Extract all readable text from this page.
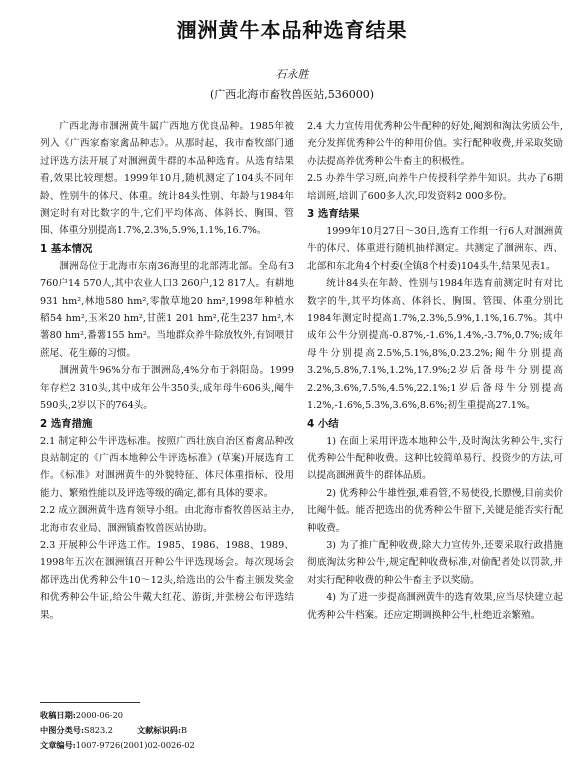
涠洲黄牛本品种选育结果
石永胜
(广西北海市畜牧兽医站,536000)

广西北海市涠洲黄牛属广西地方优良品种。1985年被列入《广西家畜家禽品种志》。从那时起，我市畜牧部门通过评选方法开展了对涠洲黄牛群的本品种选育。从选育结果看,效果比较理想。1999年10月,随机测定了104头不同年龄、性别牛的体尺、体重。统计84头性别、年龄与1984年测定时有对比数字的牛,它们平均体高、体斜长、胸围、管围、体重分别提高1.7%,2.3%,5.9%,1.1%,16.7%。

1 基本情况

涠洲岛位于北海市东南36海里的北部湾北部。全岛有3 760户14 570人,其中农业人口3 260户,12 817人。有耕地931 hm²,林地580 hm²,零散草地20 hm²,1998年种植水稻54 hm²,玉米20 hm²,甘蔗1 201 hm²,花生237 hm²,木薯80 hm²,番薯155 hm²。当地群众养牛除放牧外,有饲喂甘蔗尾、花生藤的习惯。

涠洲黄牛96%分布于涠洲岛,4%分布于斜阳岛。1999年存栏2 310头,其中成年公牛350头,成年母牛606头,阉牛590头,2岁以下的764头。

2 选育措施

2.1 制定种公牛评选标准。按照广西壮族自治区畜禽品种改良站制定的《广西本地种公牛评选标准》(草案)开展选育工作。《标准》对涠洲黄牛的外貌特征、体尺体重指标、役用能力、繁殖性能以及评选等级的确定,都有具体的要求。

2.2 成立涠洲黄牛选育领导小组。由北海市畜牧兽医站主办,北海市农业局、涠洲镇畜牧兽医站协助。

2.3 开展种公牛评选工作。1985、1986、1988、1989、1998年五次在涠洲镇召开种公牛评选现场会。每次现场会都评选出优秀种公牛10～12头,给选出的公牛畜主颁发奖金和优秀种公牛证,给公牛戴大红花、游街,并张榜公布评选结果。

2.4 大力宣传用优秀种公牛配种的好处,阉割和淘汰劣质公牛,充分发挥优秀种公牛的种用价值。实行配种收费,并采取奖励办法提高养优秀种公牛畜主的积极性。

2.5 办养牛学习班,向养牛户传授科学养牛知识。共办了6期培训班,培训了600多人次,印发资料2 000多份。

3 选育结果

1999年10月27日～30日,选育工作组一行6人对涠洲黄牛的体尺、体重进行随机抽样测定。共测定了涠洲东、西、北部和东北角4个村委(全镇8个村委)104头牛,结果见表1。

统计84头在年龄、性别与1984年选育前测定时有对比数字的牛,其平均体高、体斜长、胸围、管围、体重分别比1984年测定时提高1.7%,2.3%,5.9%,1.1%,16.7%。其中成年公牛分别提高-0.87%,-1.6%,1.4%,-3.7%,0.7%;成年母牛分别提高2.5%,5.1%,8%,0.23.2%;阉牛分别提高3.2%,5.8%,7.1%,1.2%,17.9%;2岁后备母牛分别提高2.2%,3.6%,7.5%,4.5%,22.1%;1岁后备母牛分别提高1.2%,-1.6%,5.3%,3.6%,8.6%;初生重提高27.1%。

4 小结

1) 在面上采用评选本地种公牛,及时淘汰劣种公牛,实行优秀种公牛配种收费。这种比较简单易行、投资少的方法,可以提高涠洲黄牛的群体品质。

2) 优秀种公牛雄性强,难看管,不易使役,长膘慢,目前卖价比阉牛低。能否把选出的优秀种公牛留下,关键是能否实行配种收费。

3) 为了推广配种收费,除大力宣传外,还要采取行政措施彻底淘汰劣种公牛,规定配种收费标准,对偷配者处以罚款,并对实行配种收费的种公牛畜主予以奖励。

4) 为了进一步提高涠洲黄牛的选育效果,应当尽快建立起优秀种公牛档案。还应定期调换种公牛,杜绝近亲繁殖。

收稿日期:2000-06-20
中图分类号:S823.2	文献标识码:B
文章编号:1007-9726(2001)02-0026-02
